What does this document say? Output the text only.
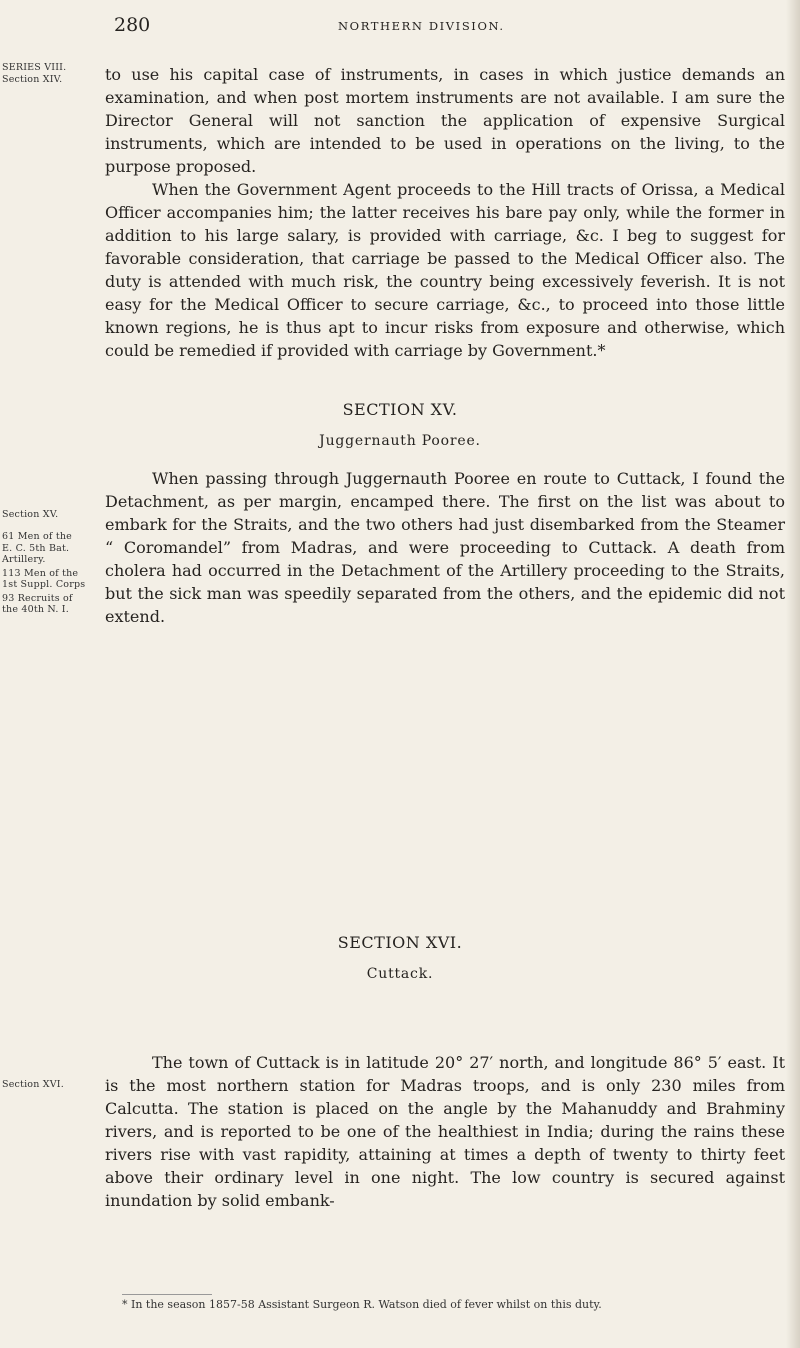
280	NORTHERN DIVISION.
SERIES VIII.
Section XIV.
Section XV.
61 Men of the
E. C. 5th Bat.
Artillery.
113 Men of the
1st Suppl. Corps
93 Recruits of
the 40th N. I.
Section XVI.

to use his capital case of instruments, in cases in which justice demands an examination, and when post mortem instruments are not available. I am sure the Director General will not sanction the application of expensive Surgical instruments, which are intended to be used in operations on the living, to the purpose proposed.

When the Government Agent proceeds to the Hill tracts of Orissa, a Medical Officer accompanies him; the latter receives his bare pay only, while the former in addition to his large salary, is provided with carriage, &c. I beg to suggest for favorable consideration, that carriage be passed to the Medical Officer also. The duty is attended with much risk, the country being excessively feverish. It is not easy for the Medical Officer to secure carriage, &c., to proceed into those little known regions, he is thus apt to incur risks from exposure and otherwise, which could be remedied if provided with carriage by Government.*

SECTION XV.
Juggernauth Pooree.

When passing through Juggernauth Pooree en route to Cuttack, I found the Detachment, as per margin, encamped there. The first on the list was about to embark for the Straits, and the two others had just disembarked from the Steamer “ Coromandel” from Madras, and were proceeding to Cuttack. A death from cholera had occurred in the Detachment of the Artillery proceeding to the Straits, but the sick man was speedily separated from the others, and the epidemic did not extend.

SECTION XVI.
Cuttack.

The town of Cuttack is in latitude 20° 27′ north, and longitude 86° 5′ east. It is the most northern station for Madras troops, and is only 230 miles from Calcutta. The station is placed on the angle by the Mahanuddy and Brahminy rivers, and is reported to be one of the healthiest in India; during the rains these rivers rise with vast rapidity, attaining at times a depth of twenty to thirty feet above their ordinary level in one night. The low country is secured against inundation by solid embank-

* In the season 1857-58 Assistant Surgeon R. Watson died of fever whilst on this duty.
